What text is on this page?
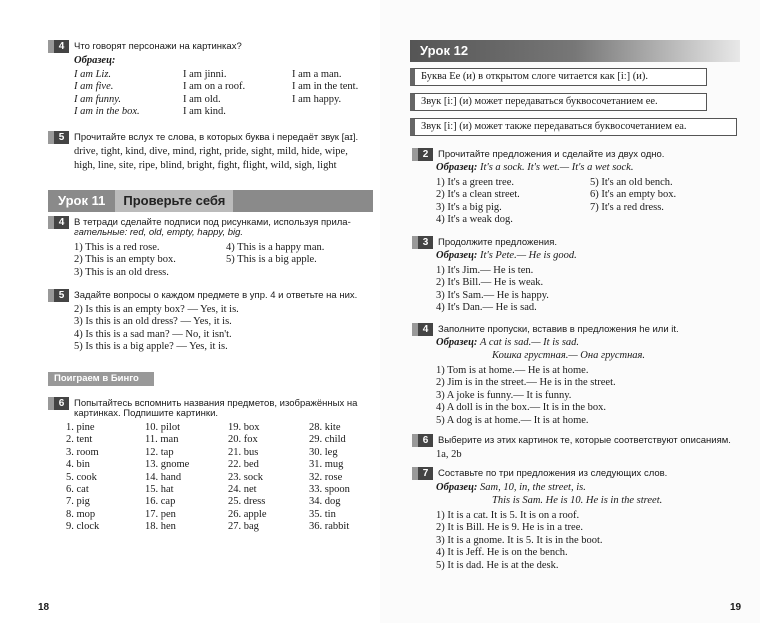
4 Что говорят персонажи на картинках?
Образец:
I am Liz.
I am five.
I am funny.
I am in the box.
I am jinni.
I am on a roof.
I am old.
I am kind.
I am a man.
I am in the tent.
I am happy.
5 Прочитайте вслух те слова, в которых буква i передаёт звук [aɪ].
drive, tight, kind, dive, mind, right, pride, sight, mild, hide, wipe,
high, line, site, ripe, blind, bright, fight, flight, wild, sigh, light
Урок 11 Проверьте себя
4 В тетради сделайте подписи под рисунками, используя прила-
гательные: red, old, empty, happy, big.
1) This is a red rose.
2) This is an empty box.
3) This is an old dress.
4) This is a happy man.
5) This is a big apple.
5 Задайте вопросы о каждом предмете в упр. 4 и ответьте на них.
2) Is this is an empty box? — Yes, it is.
3) Is this is an old dress? — Yes, it is.
4) Is this is a sad man? — No, it isn't.
5) Is this is a big apple? — Yes, it is.
Поиграем в Бинго
6 Попытайтесь вспомнить названия предметов, изображённых на
картинках. Подпишите картинки.
1. pine
2. tent
3. room
4. bin
5. cook
6. cat
7. pig
8. mop
9. clock
10. pilot
11. man
12. tap
13. gnome
14. hand
15. hat
16. cap
17. pen
18. hen
19. box
20. fox
21. bus
22. bed
23. sock
24. net
25. dress
26. apple
27. bag
28. kite
29. child
30. leg
31. mug
32. rose
33. spoon
34. dog
35. tin
36. rabbit
18
Урок 12
Буква Ee (и) в открытом слоге читается как [iː] (и).
Звук [iː] (и) может передаваться буквосочетанием ee.
Звук [iː] (и) может также передаваться буквосочетанием ea.
2 Прочитайте предложения и сделайте из двух одно.
Образец: It's a sock. It's wet.— It's a wet sock.
1) It's a green tree.
2) It's a clean street.
3) It's a big pig.
4) It's a weak dog.
5) It's an old bench.
6) It's an empty box.
7) It's a red dress.
3 Продолжите предложения.
Образец: It's Pete.— He is good.
1) It's Jim.— He is ten.
2) It's Bill.— He is weak.
3) It's Sam.— He is happy.
4) It's Dan.— He is sad.
4 Заполните пропуски, вставив в предложения he или it.
Образец: A cat is sad.— It is sad.
Кошка грустная.— Она грустная.
1) Tom is at home.— He is at home.
2) Jim is in the street.— He is in the street.
3) A joke is funny.— It is funny.
4) A doll is in the box.— It is in the box.
5) A dog is at home.— It is at home.
6 Выберите из этих картинок те, которые соответствуют описаниям.
1a, 2b
7 Составьте по три предложения из следующих слов.
Образец: Sam, 10, in, the street, is.
This is Sam. He is 10. He is in the street.
1) It is a cat. It is 5. It is on a roof.
2) It is Bill. He is 9. He is in a tree.
3) It is a gnome. It is 5. It is in the boot.
4) It is Jeff. He is on the bench.
5) It is dad. He is at the desk.
19
